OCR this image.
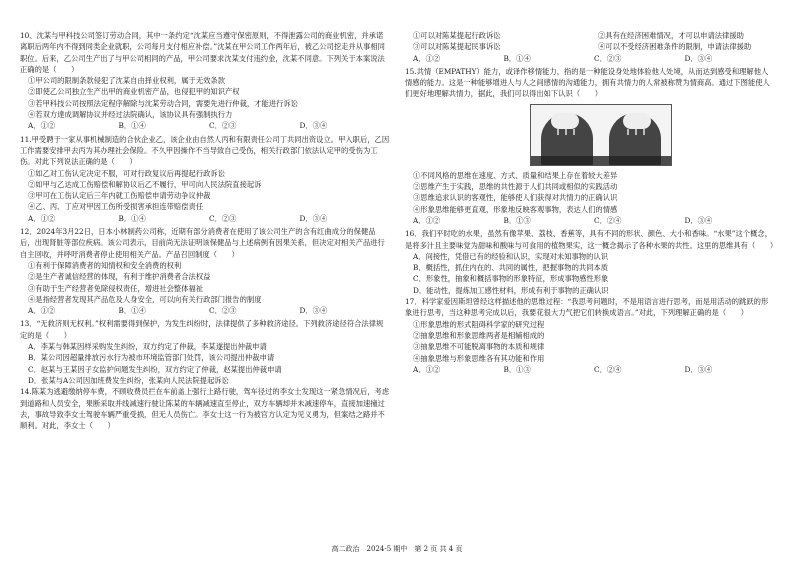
10、沈某与甲科技公司签订劳动合同，其中一条约定“沈某应当遵守保密原则，不得泄露公司的商业机密，并承诺离职后两年内不得到同类企业就职，公司每月支付相应补偿。”沈某在甲公司工作两年后，被乙公司挖走并从事相同职位。后来，乙公司生产出了与甲公司相同的产品，甲公司要求沈某支付违约金，沈某不同意。下列关于本案说法正确的是（　　）

①甲公司的限制条款侵犯了沈某自由择业权利，属于无效条款

②即使乙公司独立生产出甲的商业机密产品，也侵犯甲的知识产权

③若甲科技公司按照法定程序解除与沈某劳动合同，需要先进行仲裁，才能进行诉讼

④若双方達成调解协议并经过法院确认，该协议具有强制执行力

A．①②	B．①④	C．②③	D．③④

11.甲受聘于一家从事机械制造的合伙企业乙，该企业由自然人丙和有限责任公司丁共同出资设立。甲入职后，乙因工作需要安排甲去丙为其办理社会保险。不久甲因操作不当导致自己受伤，相关行政部门依法认定甲的受伤为工伤。对此下列说法正确的是（　　）

①如乙对工伤认定决定不服，可对行政复议后再提起行政诉讼

②如甲与乙达成工伤赔偿和解协议后乙不履行，甲可向人民法院直接起诉

③甲可在工伤认定后三年内就工伤赔偿申请劳动争议仲裁

④乙、丙、丁应对甲因工伤所受损害承担连带赔偿责任

A．①②	B．①④	C．②③	D．③④

12．2024年3月22日，日本小林制药公司称，近期有部分消费者在使用了该公司生产的含有红曲成分的保健品后，出现肾脏等部位疾病。该公司表示，目前尚无法证明该保健品与上述病例有因果关系，但决定对相关产品进行自主回收，并呼吁消费者停止使用相关产品。产品召回制度（　　）

①有利于保障消费者的知情权和安全消费的权利

②是生产者诚信经营的体现，有利于维护消费者合法权益

③有助于生产经营者免除侵权责任，增进社会整体福祉

④是指经营者发现其产品危及人身安全，可以向有关行政部门报告的制度

A．①②	B．①④	C．②③	D．③④

13．“无救济则无权利。”权利需要得到保护，为发生纠纷时，法律提供了多种救济途径。下列救济途径符合法律规定的是（　　）

A．李某与韩某因样采购发生纠纷，双方约定了仲裁，李某遂提出仲裁申请

B．某公司因超量排放污水行为被市环境监管部门处罚，该公司提出仲裁申请

C．赵某与王某因子女监护问题发生纠纷，双方约定了仲裁，赵某提出仲裁申请

D．张某与A公司因加班费发生纠纷，张某向人民法院提起诉讼

14.陈某为逃避缴纳停车费，不顾收费员拦在车前盖上强行上路行驶，驾车径过的李女士发现这一紧急情况后，考虑到道路和人员安全，果断采取并线减速行驶让陈某的车辆减速直至停止，双方车辆却并未减速停车，直接加速撞过去，事故导致李女士驾驶车辆严重受损，但无人员伤亡。李女士这一行为被官方认定为见义勇为，但案结之路并不顺利。对此，李女士（　　）

①可以对陈某提起行政诉讼	②具有在经济困难情况，才可以申请法律援助

③可以对陈某提起民事诉讼	④可以不受经济困难条件的限制，申请法律援助

A．①②	B．①④	C．②③	D．③④

15.共情（EMPATHY）能力，或译作移情能力，指的是一种能设身处地体验他人处境，从而达到感受和理解他人情感的能力。这是一种能够增进人与人之间感情的沟通能力，拥有共情力的人常被称赞为情商高。通过下图能使人们更好地理解共情力，据此，我们可以得出如下认识（　　）

①不同风格的思维在速度、方式、质量和结果上存在着较大差异

②思维产生于实践，思维的共性源于人们共同或相似的实践活动

③思维追求认识的客观性，能够使人们获得对共情力的正确认识

④形象思维能够更直观、形象地反映客观事物，表达人们的情感

A．①②	B．①③	C．②④	D．③④

16．我们平时吃的水果，虽然有像苹果、荔枝、香蕉等，具有不同的形状、颜色、大小和香味。“水果”这个概念，是将多汁且主要味觉为甜味和酸味与可食用的植物果实，这一概念揭示了各种水果的共性。这里的思维具有（　　）

A．间接性，凭借已有的经验和认识，实现对未知事物的认识

B．概括性，抓住内在的、共同的属性，把握事物的共同本质

C．形象性，抽象和概括事物的形象特征，形成事物感性形象

D．能动性，提炼加工感性材料，形成有利于事物的正确认识

17．科学家爱因斯坦曾经这样描述他的思维过程：“我思考问题时，不是用语言进行思考，而是用活动的跳跃的形象进行思考，当这种思考完成以后，我要花很大力气把它们转换成语言。”对此，下列理解正确的是（　　）

①形象思维的形式阻碍科学家的研究过程

②抽象思维和形象思维两者是相辅相成的

③抽象思维不可能脱离事物的本质和规律

④抽象思维与形象思维各有其功能和作用

A．①②	B．①③	C．②④	D．③④
高二政治　2024-5 期中　第 2 页 共 4 页
